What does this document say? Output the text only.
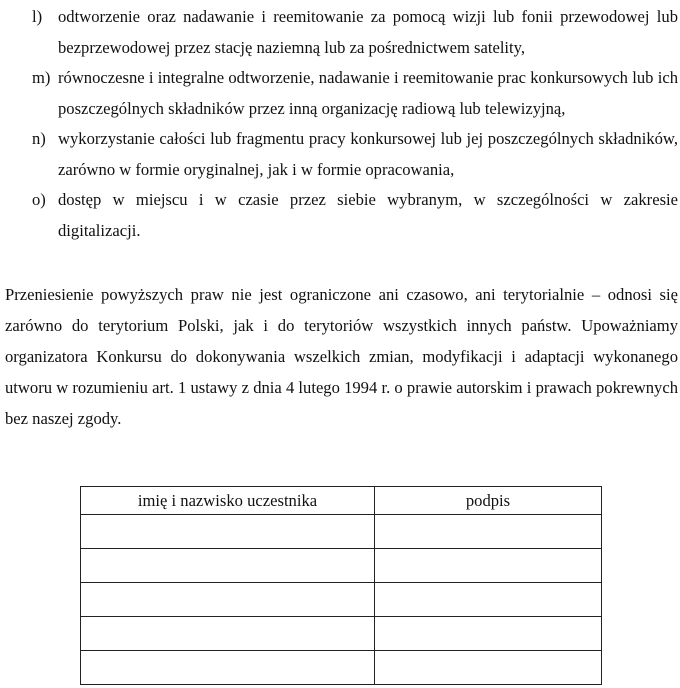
l) odtworzenie oraz nadawanie i reemitowanie za pomocą wizji lub fonii przewodowej lub bezprzewodowej przez stację naziemną lub za pośrednictwem satelity,
m) równoczesne i integralne odtworzenie, nadawanie i reemitowanie prac konkursowych lub ich poszczególnych składników przez inną organizację radiową lub telewizyjną,
n) wykorzystanie całości lub fragmentu pracy konkursowej lub jej poszczególnych składników, zarówno w formie oryginalnej, jak i w formie opracowania,
o) dostęp w miejscu i w czasie przez siebie wybranym, w szczególności w zakresie digitalizacji.
Przeniesienie powyższych praw nie jest ograniczone ani czasowo, ani terytorialnie – odnosi się zarówno do terytorium Polski, jak i do terytoriów wszystkich innych państw. Upoważniamy organizatora Konkursu do dokonywania wszelkich zmian, modyfikacji i adaptacji wykonanego utworu w rozumieniu art. 1 ustawy z dnia 4 lutego 1994 r. o prawie autorskim i prawach pokrewnych bez naszej zgody.
imię i nazwisko uczestnika	podpis
